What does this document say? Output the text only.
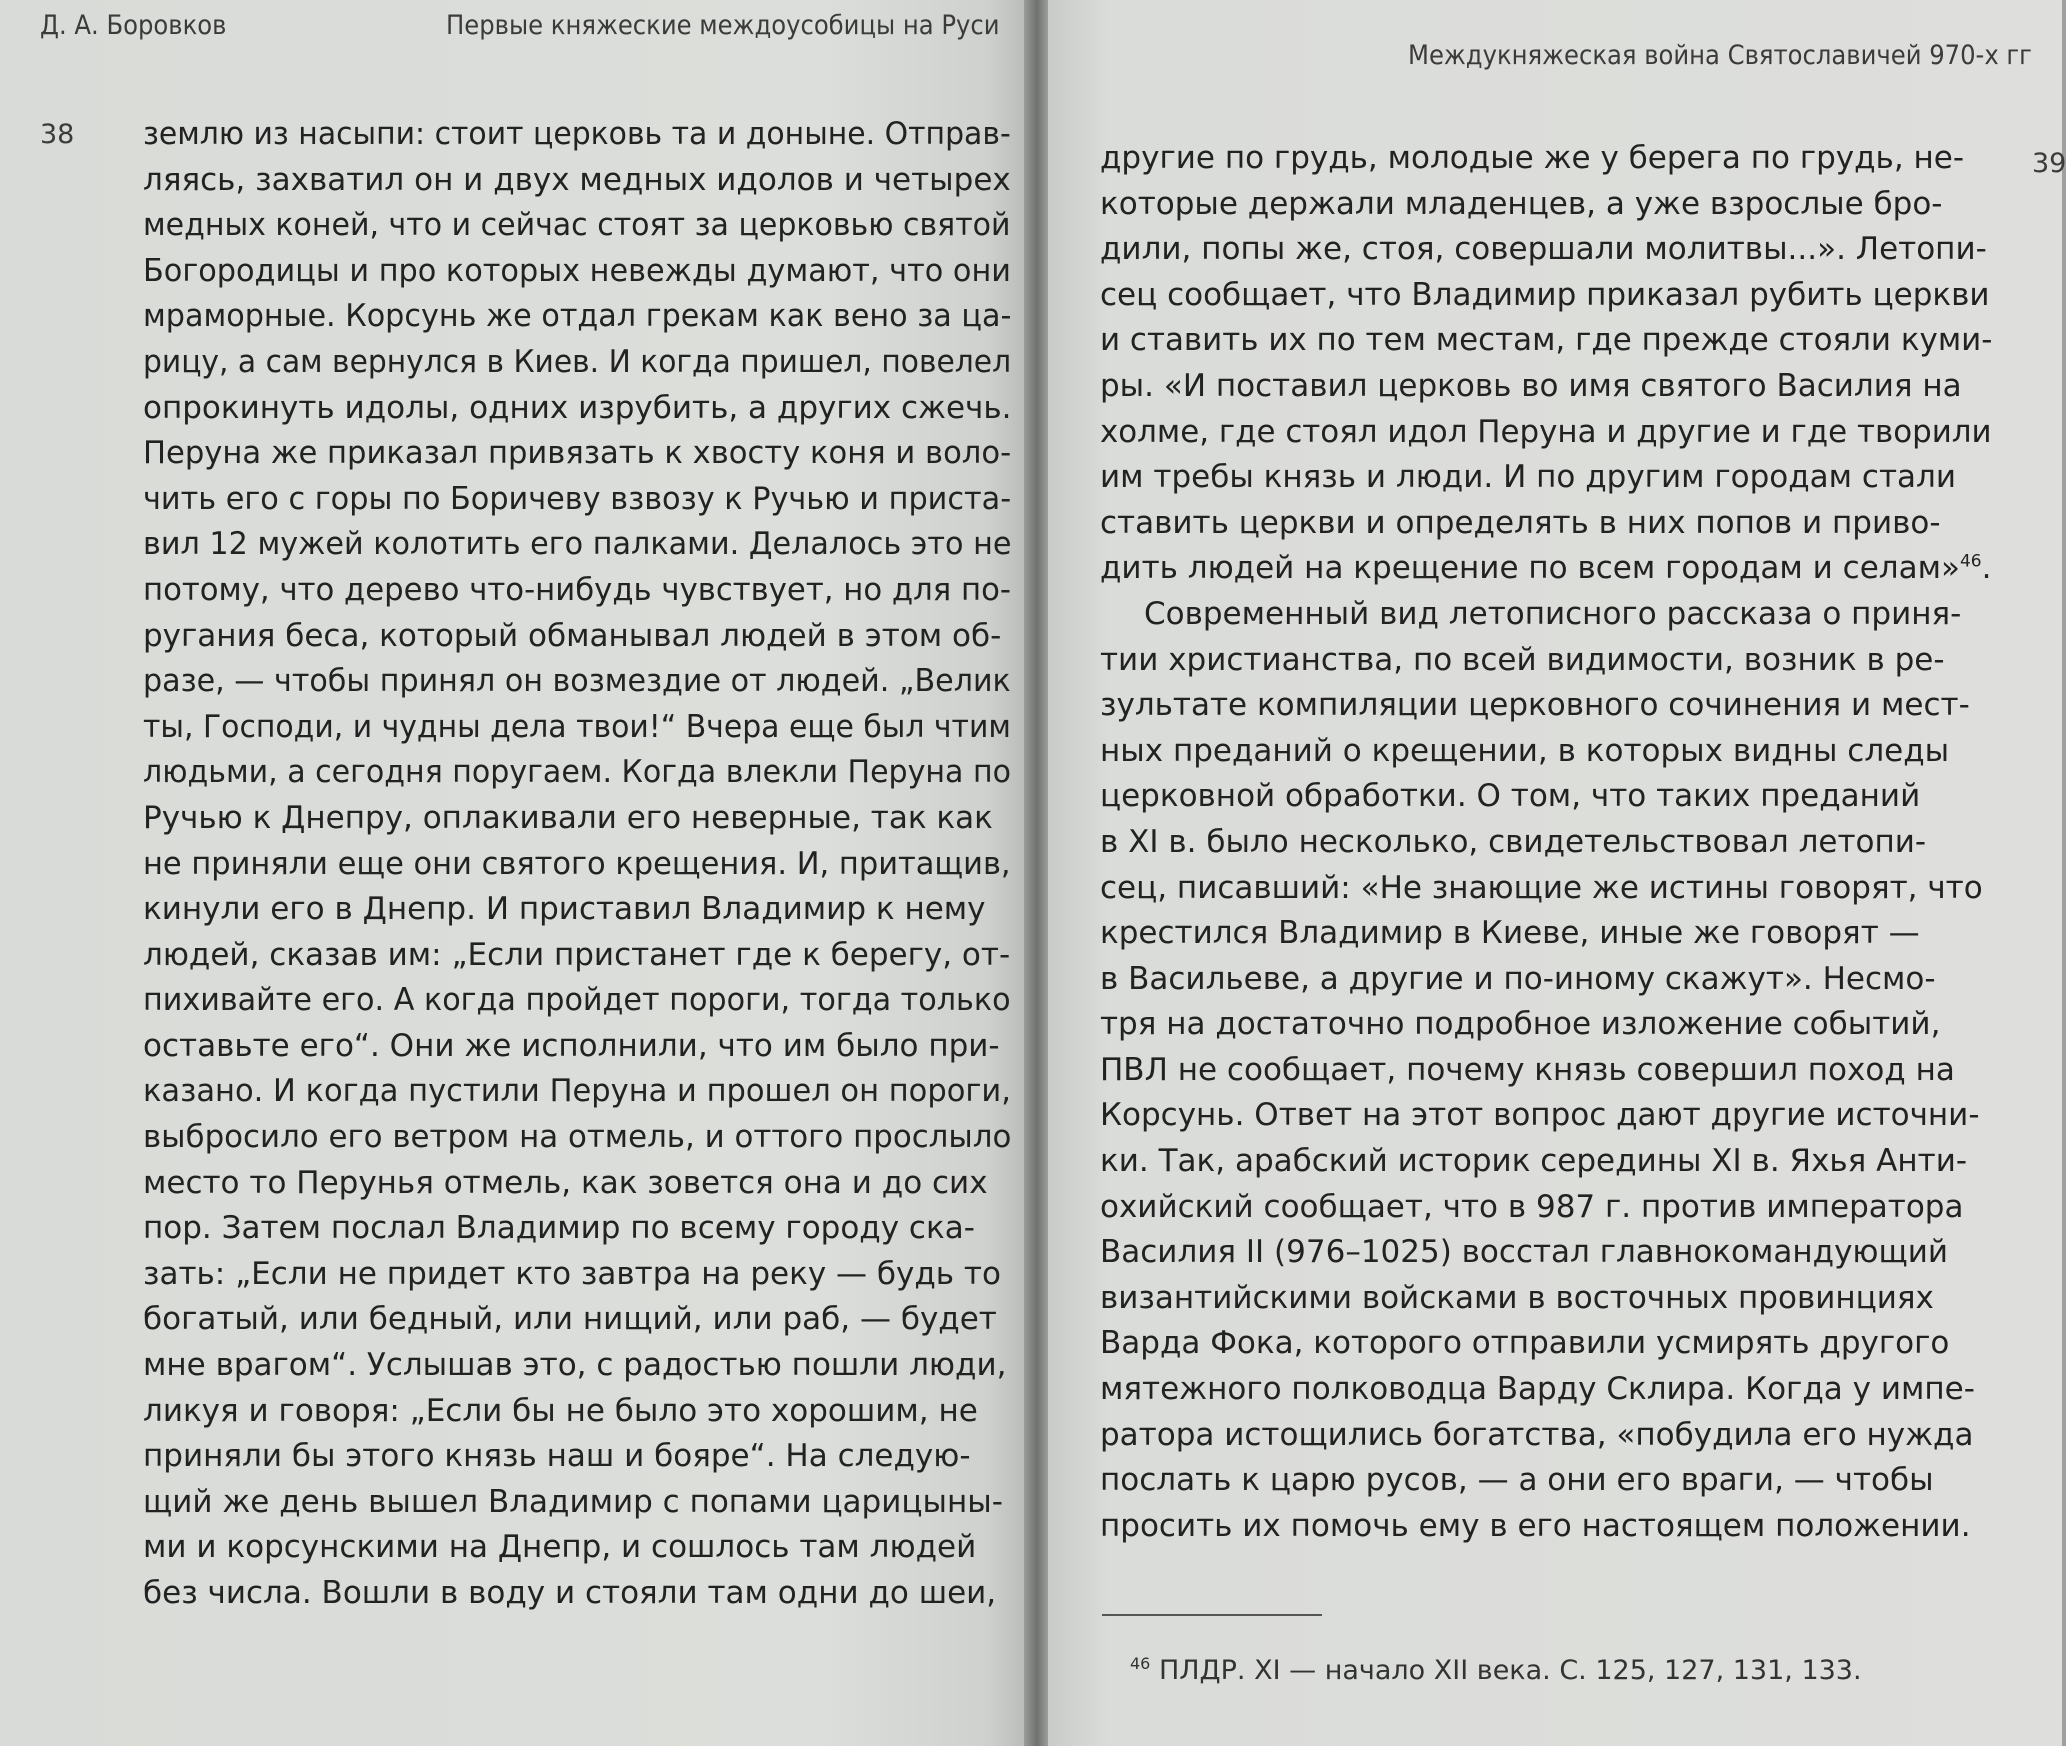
Д. А. Боровков	Первые княжеские междоусобицы на Руси
38 землю из насыпи: стоит церковь та и доныне. Отправ-
ляясь, захватил он и двух медных идолов и четырех
медных коней, что и сейчас стоят за церковью святой
Богородицы и про которых невежды думают, что они
мраморные. Корсунь же отдал грекам как вено за ца-
рицу, а сам вернулся в Киев. И когда пришел, повелел
опрокинуть идолы, одних изрубить, а других сжечь.
Перуна же приказал привязать к хвосту коня и воло-
чить его с горы по Боричеву взвозу к Ручью и приста-
вил 12 мужей колотить его палками. Делалось это не
потому, что дерево что-нибудь чувствует, но для по-
ругания беса, который обманывал людей в этом об-
разе, — чтобы принял он возмездие от людей. „Велик
ты, Господи, и чудны дела твои!“ Вчера еще был чтим
людьми, а сегодня поругаем. Когда влекли Перуна по
Ручью к Днепру, оплакивали его неверные, так как
не приняли еще они святого крещения. И, притащив,
кинули его в Днепр. И приставил Владимир к нему
людей, сказав им: „Если пристанет где к берегу, от-
пихивайте его. А когда пройдет пороги, тогда только
оставьте его“. Они же исполнили, что им было при-
казано. И когда пустили Перуна и прошел он пороги,
выбросило его ветром на отмель, и оттого прослыло
место то Перунья отмель, как зовется она и до сих
пор. Затем послал Владимир по всему городу ска-
зать: „Если не придет кто завтра на реку — будь то
богатый, или бедный, или нищий, или раб, — будет
мне врагом“. Услышав это, с радостью пошли люди,
ликуя и говоря: „Если бы не было это хорошим, не
приняли бы этого князь наш и бояре“. На следую-
щий же день вышел Владимир с попами царицыны-
ми и корсунскими на Днепр, и сошлось там людей
без числа. Вошли в воду и стояли там одни до шеи,
Междукняжеская война Святославичей 970-х гг
39
другие по грудь, молодые же у берега по грудь, не-
которые держали младенцев, а уже взрослые бро-
дили, попы же, стоя, совершали молитвы...». Летопи-
сец сообщает, что Владимир приказал рубить церкви
и ставить их по тем местам, где прежде стояли куми-
ры. «И поставил церковь во имя святого Василия на
холме, где стоял идол Перуна и другие и где творили
им требы князь и люди. И по другим городам стали
ставить церкви и определять в них попов и приво-
дить людей на крещение по всем городам и селам»$^{46}$.
Современный вид летописного рассказа о приня-
тии христианства, по всей видимости, возник в ре-
зультате компиляции церковного сочинения и мест-
ных преданий о крещении, в которых видны следы
церковной обработки. О том, что таких преданий
в XI в. было несколько, свидетельствовал летопи-
сец, писавший: «Не знающие же истины говорят, что
крестился Владимир в Киеве, иные же говорят —
в Васильеве, а другие и по-иному скажут». Несмо-
тря на достаточно подробное изложение событий,
ПВЛ не сообщает, почему князь совершил поход на
Корсунь. Ответ на этот вопрос дают другие источни-
ки. Так, арабский историк середины XI в. Яхья Анти-
охийский сообщает, что в 987 г. против императора
Василия II (976–1025) восстал главнокомандующий
византийскими войсками в восточных провинциях
Варда Фока, которого отправили усмирять другого
мятежного полководца Варду Склира. Когда у импе-
ратора истощились богатства, «побудила его нужда
послать к царю русов, — а они его враги, — чтобы
просить их помочь ему в его настоящем положении.
$^{46}$ ПЛДР. XI — начало XII века. С. 125, 127, 131, 133.
